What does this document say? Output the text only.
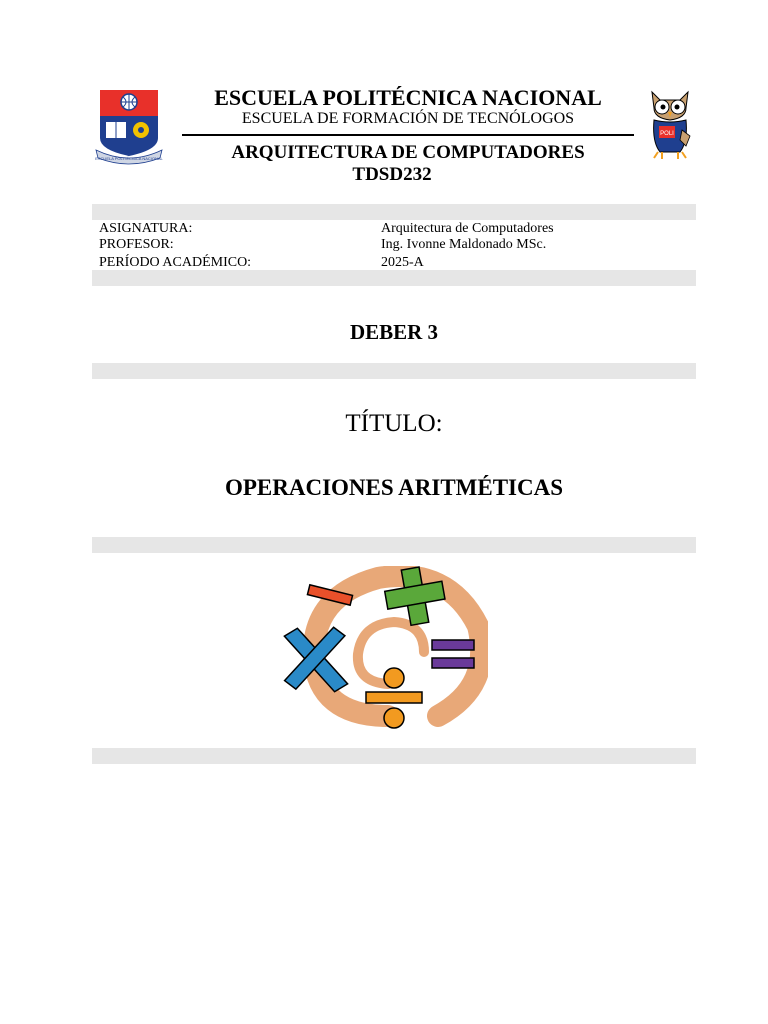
ESCUELA POLITÉCNICA NACIONAL
ESCUELA POLITÉCNICA NACIONAL
ESCUELA DE FORMACIÓN DE TECNÓLOGOS
ARQUITECTURA DE COMPUTADORES
TDSD232
POLI
ASIGNATURA:	Arquitectura de Computadores
PROFESOR:	Ing. Ivonne Maldonado MSc.
PERÍODO ACADÉMICO:	2025-A
DEBER 3
TÍTULO:
OPERACIONES ARITMÉTICAS
